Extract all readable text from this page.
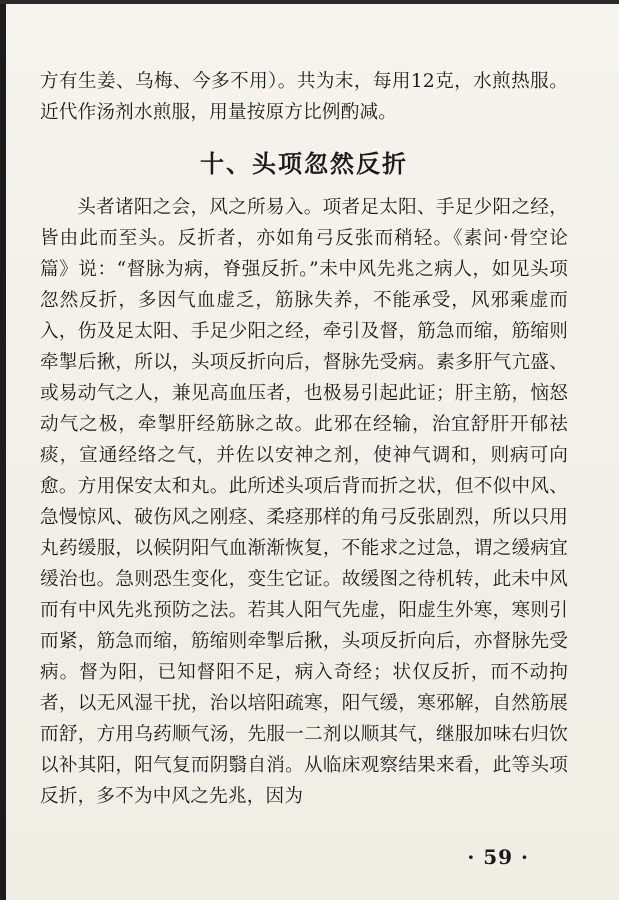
方有生姜、乌梅、今多不用）。共为末，每用12克，水煎热服。近代作汤剂水煎服，用量按原方比例酌减。

十、头项忽然反折

头者诸阳之会，风之所易入。项者足太阳、手足少阳之经，皆由此而至头。反折者，亦如角弓反张而稍轻。《素问·骨空论篇》说：“督脉为病，脊强反折。”未中风先兆之病人，如见头项忽然反折，多因气血虚乏，筋脉失养，不能承受，风邪乘虚而入，伤及足太阳、手足少阳之经，牵引及督，筋急而缩，筋缩则牵掣后揪，所以，头项反折向后，督脉先受病。素多肝气亢盛、或易动气之人，兼见高血压者，也极易引起此证；肝主筋，恼怒动气之极，牵掣肝经筋脉之故。此邪在经输，治宜舒肝开郁祛痰，宣通经络之气，并佐以安神之剂，使神气调和，则病可向愈。方用保安太和丸。此所述头项后背而折之状，但不似中风、急慢惊风、破伤风之刚痉、柔痉那样的角弓反张剧烈，所以只用丸药缓服，以候阴阳气血渐渐恢复，不能求之过急，谓之缓病宜缓治也。急则恐生变化，变生它证。故缓图之待机转，此未中风而有中风先兆预防之法。若其人阳气先虚，阳虚生外寒，寒则引而紧，筋急而缩，筋缩则牵掣后揪，头项反折向后，亦督脉先受病。督为阳，已知督阳不足，病入奇经；状仅反折，而不动拘者，以无风湿干扰，治以培阳疏寒，阳气缓，寒邪解，自然筋展而舒，方用乌药顺气汤，先服一二剂以顺其气，继服加味右归饮以补其阳，阳气复而阴翳自消。从临床观察结果来看，此等头项反折，多不为中风之先兆，因为

· 59 ·
